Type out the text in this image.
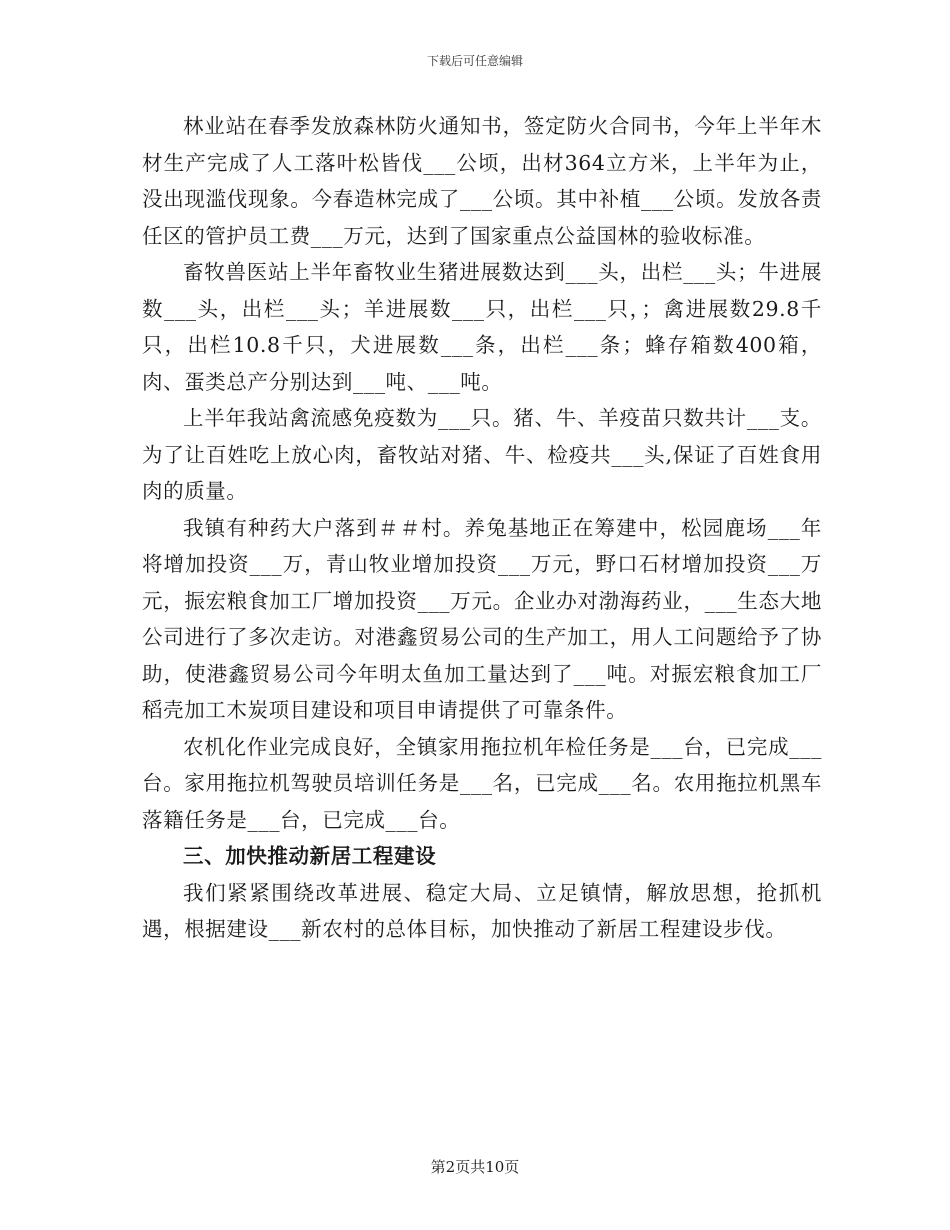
下载后可任意编辑

林业站在春季发放森林防火通知书，签定防火合同书，今年上半年木材生产完成了人工落叶松皆伐___公顷，出材364立方米，上半年为止，没出现滥伐现象。今春造林完成了___公顷。其中补植___公顷。发放各责任区的管护员工费___万元，达到了国家重点公益国林的验收标准。

畜牧兽医站上半年畜牧业生猪进展数达到___头，出栏___头；牛进展数___头，出栏___头；羊进展数___只，出栏___只，；禽进展数29.8千只，出栏10.8千只，犬进展数___条，出栏___条；蜂存箱数400箱，肉、蛋类总产分别达到___吨、___吨。

上半年我站禽流感免疫数为___只。猪、牛、羊疫苗只数共计___支。为了让百姓吃上放心肉，畜牧站对猪、牛、检疫共___头,保证了百姓食用肉的质量。

我镇有种药大户落到＃＃村。养兔基地正在筹建中，松园鹿场___年将增加投资___万，青山牧业增加投资___万元，野口石材增加投资___万元，振宏粮食加工厂增加投资___万元。企业办对渤海药业，___生态大地公司进行了多次走访。对港鑫贸易公司的生产加工，用人工问题给予了协助，使港鑫贸易公司今年明太鱼加工量达到了___吨。对振宏粮食加工厂稻壳加工木炭项目建设和项目申请提供了可靠条件。

农机化作业完成良好，全镇家用拖拉机年检任务是___台，已完成___台。家用拖拉机驾驶员培训任务是___名，已完成___名。农用拖拉机黑车落籍任务是___台，已完成___台。

三、加快推动新居工程建设

我们紧紧围绕改革进展、稳定大局、立足镇情，解放思想，抢抓机遇，根据建设___新农村的总体目标，加快推动了新居工程建设步伐。

第2页共10页
